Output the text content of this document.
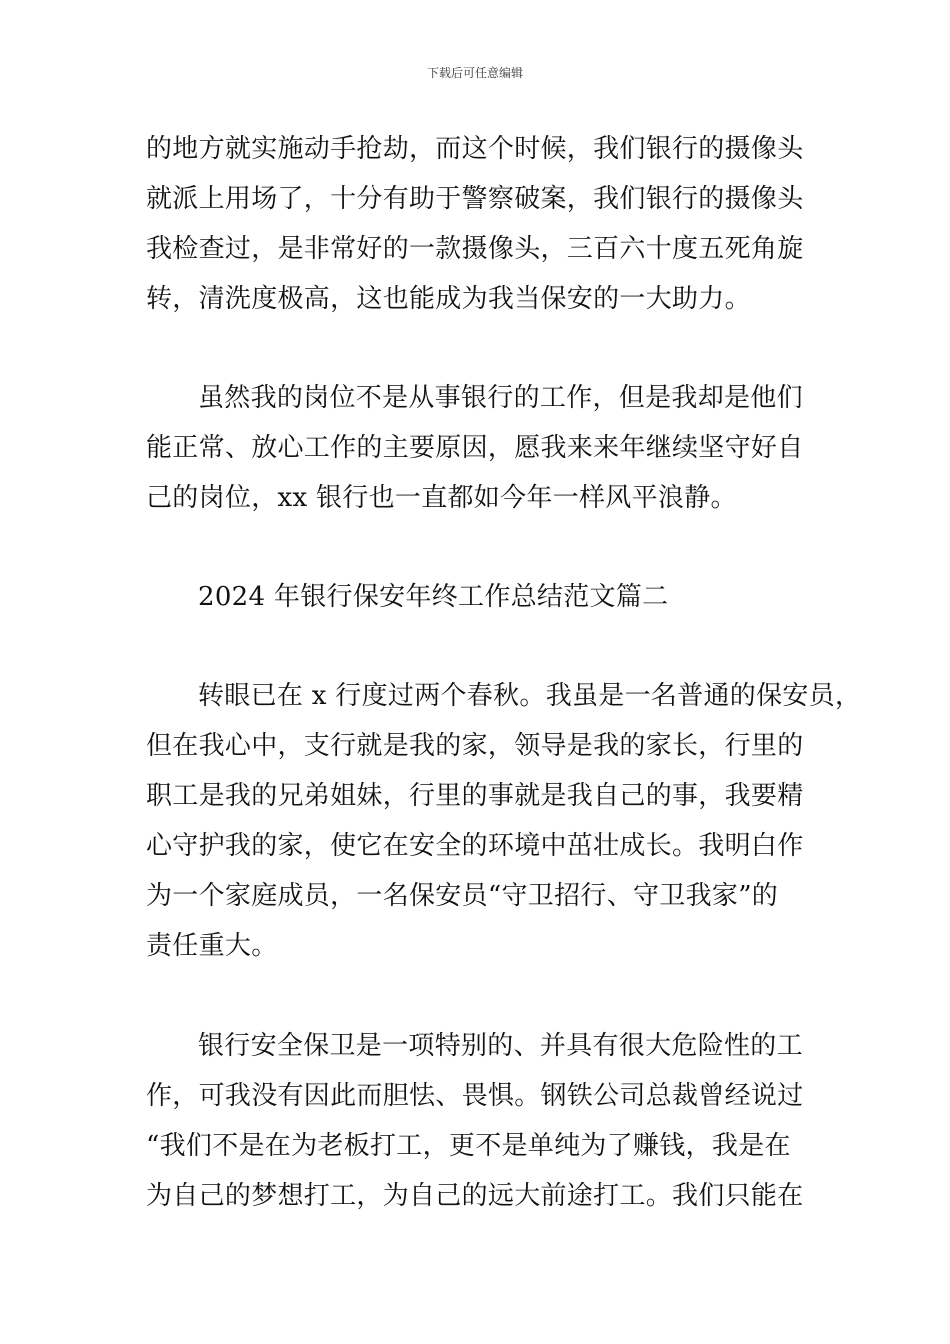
下载后可任意编辑
的地方就实施动手抢劫，而这个时候，我们银行的摄像头
就派上用场了，十分有助于警察破案，我们银行的摄像头
我检查过，是非常好的一款摄像头，三百六十度五死角旋
转，清洗度极高，这也能成为我当保安的一大助力。
虽然我的岗位不是从事银行的工作，但是我却是他们
能正常、放心工作的主要原因，愿我来来年继续坚守好自
己的岗位，xx 银行也一直都如今年一样风平浪静。
2024 年银行保安年终工作总结范文篇二
转眼已在 x 行度过两个春秋。我虽是一名普通的保安员，
但在我心中，支行就是我的家，领导是我的家长，行里的
职工是我的兄弟姐妹，行里的事就是我自己的事，我要精
心守护我的家，使它在安全的环境中茁壮成长。我明白作
为一个家庭成员，一名保安员“守卫招行、守卫我家”的
责任重大。
银行安全保卫是一项特别的、并具有很大危险性的工
作，可我没有因此而胆怯、畏惧。钢铁公司总裁曾经说过
“我们不是在为老板打工，更不是单纯为了赚钱，我是在
为自己的梦想打工，为自己的远大前途打工。我们只能在
